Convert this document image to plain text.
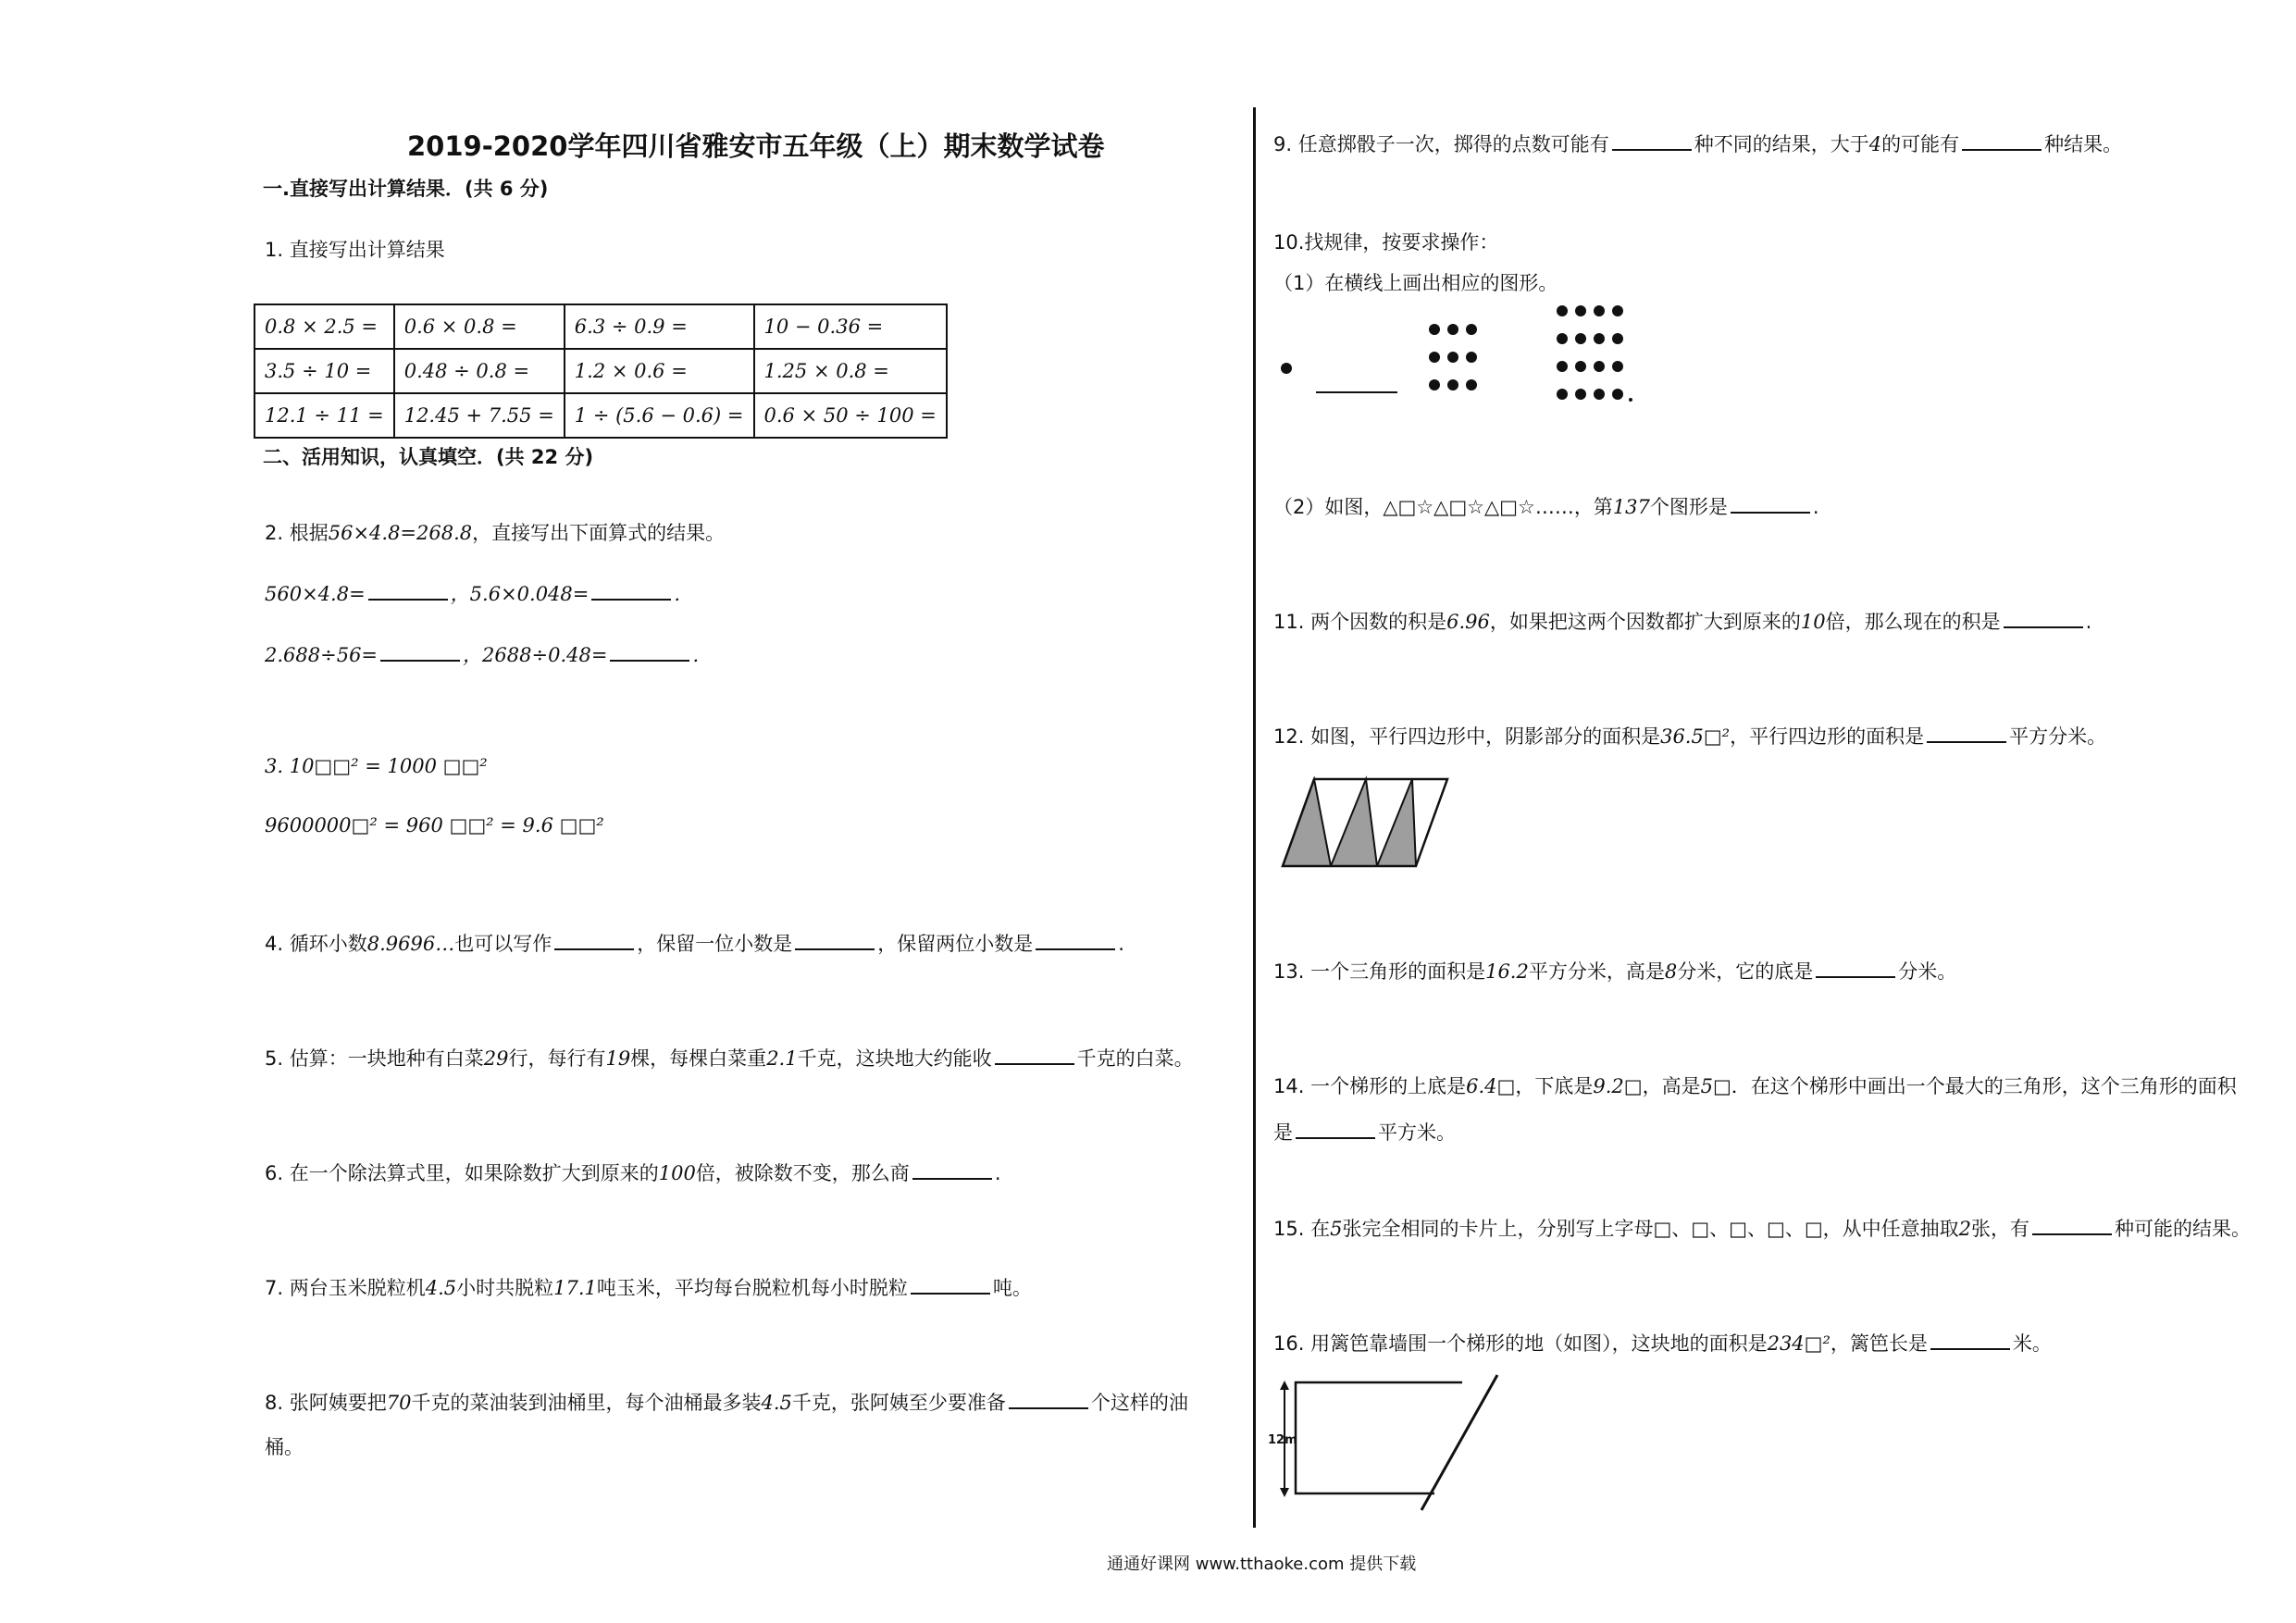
2019-2020学年四川省雅安市五年级（上）期末数学试卷
一.直接写出计算结果．(共 6 分)
1. 直接写出计算结果
0.8 × 2.5 =	0.6 × 0.8 =	6.3 ÷ 0.9 =	10 − 0.36 =
3.5 ÷ 10 =	0.48 ÷ 0.8 =	1.2 × 0.6 =	1.25 × 0.8 =
12.1 ÷ 11 =	12.45 + 7.55 =	1 ÷ (5.6 − 0.6) =	0.6 × 50 ÷ 100 =
二、活用知识，认真填空．(共 22 分)
2. 根据56×4.8=268.8，直接写出下面算式的结果。
560×4.8=	，5.6×0.048=	.
2.688÷56=	，2688÷0.48=	.
3. 10□□² = 1000 □□²
9600000□² = 960 □□² = 9.6 □□²
4. 循环小数8.9696…也可以写作	，保留一位小数是	，保留两位小数是	.
5. 估算：一块地种有白菜29行，每行有19棵，每棵白菜重2.1千克，这块地大约能收	千克的白菜。
6. 在一个除法算式里，如果除数扩大到原来的100倍，被除数不变，那么商	.
7. 两台玉米脱粒机4.5小时共脱粒17.1吨玉米，平均每台脱粒机每小时脱粒	吨。
8. 张阿姨要把70千克的菜油装到油桶里，每个油桶最多装4.5千克，张阿姨至少要准备	个这样的油
桶。
9. 任意掷骰子一次，掷得的点数可能有	种不同的结果，大于4的可能有	种结果。
10.找规律，按要求操作：
（1）在横线上画出相应的图形。
（2）如图，△□☆△□☆△□☆……，第137个图形是	.
11. 两个因数的积是6.96，如果把这两个因数都扩大到原来的10倍，那么现在的积是	.
12. 如图，平行四边形中，阴影部分的面积是36.5□²，平行四边形的面积是	平方分米。
13. 一个三角形的面积是16.2平方分米，高是8分米，它的底是	分米。
14. 一个梯形的上底是6.4□，下底是9.2□，高是5□．在这个梯形中画出一个最大的三角形，这个三角形的面积
是	平方米。
15. 在5张完全相同的卡片上，分别写上字母□、□、□、□、□，从中任意抽取2张，有	种可能的结果。
16. 用篱笆靠墙围一个梯形的地（如图），这块地的面积是234□²，篱笆长是	米。
12m
通通好课网 www.tthaoke.com 提供下载
